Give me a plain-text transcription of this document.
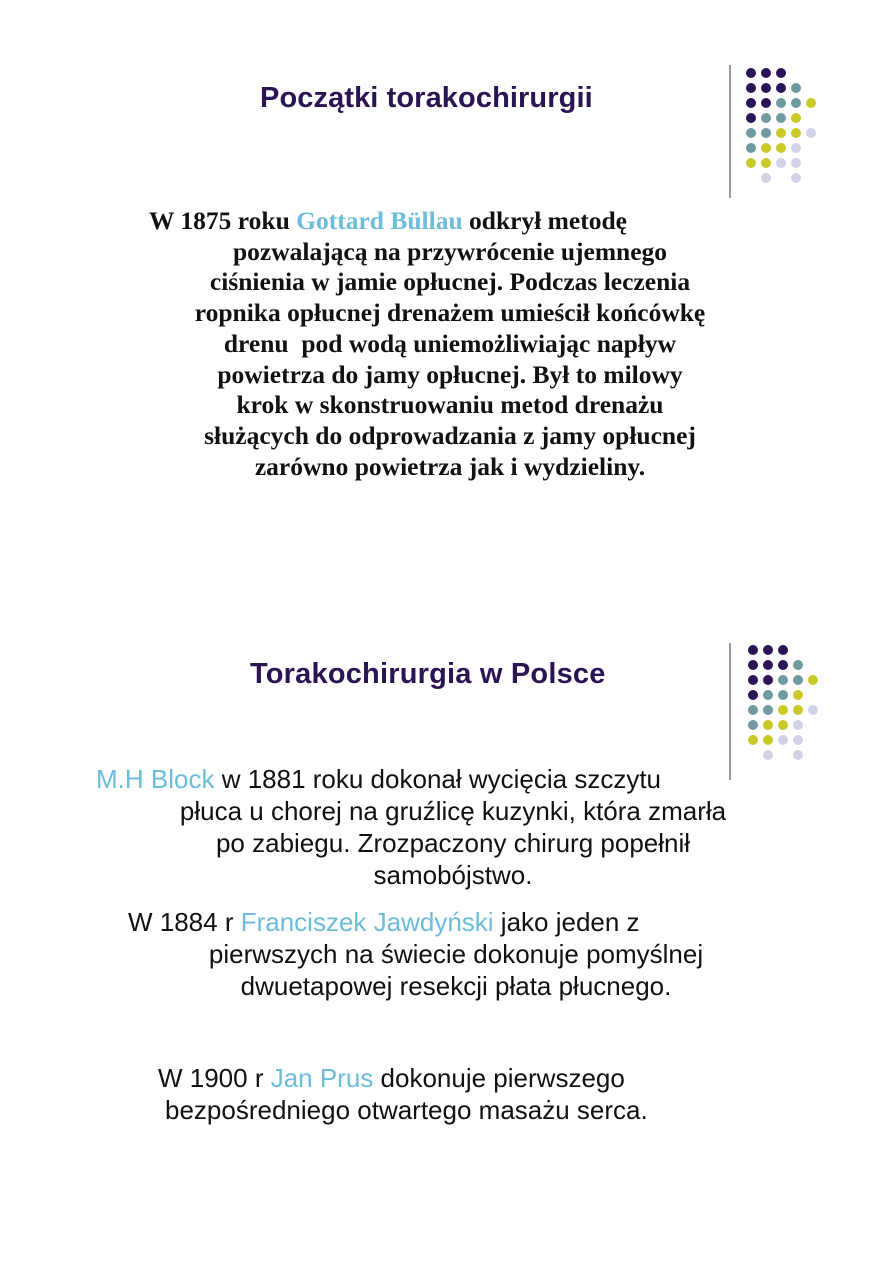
Początki torakochirurgii

W 1875 roku Gottard Büllau odkrył metodę
pozwalającą na przywrócenie ujemnego
ciśnienia w jamie opłucnej. Podczas leczenia
ropnika opłucnej drenażem umieścił końcówkę
drenu  pod wodą uniemożliwiając napływ
powietrza do jamy opłucnej. Był to milowy
krok w skonstruowaniu metod drenażu
służących do odprowadzania z jamy opłucnej
zarówno powietrza jak i wydzieliny.

Torakochirurgia w Polsce

M.H Block w 1881 roku dokonał wycięcia szczytu
płuca u chorej na gruźlicę kuzynki, która zmarła
po zabiegu. Zrozpaczony chirurg popełnił
samobójstwo.

W 1884 r Franciszek Jawdyński jako jeden z
pierwszych na świecie dokonuje pomyślnej
dwuetapowej resekcji płata płucnego.

W 1900 r Jan Prus dokonuje pierwszego
bezpośredniego otwartego masażu serca.
